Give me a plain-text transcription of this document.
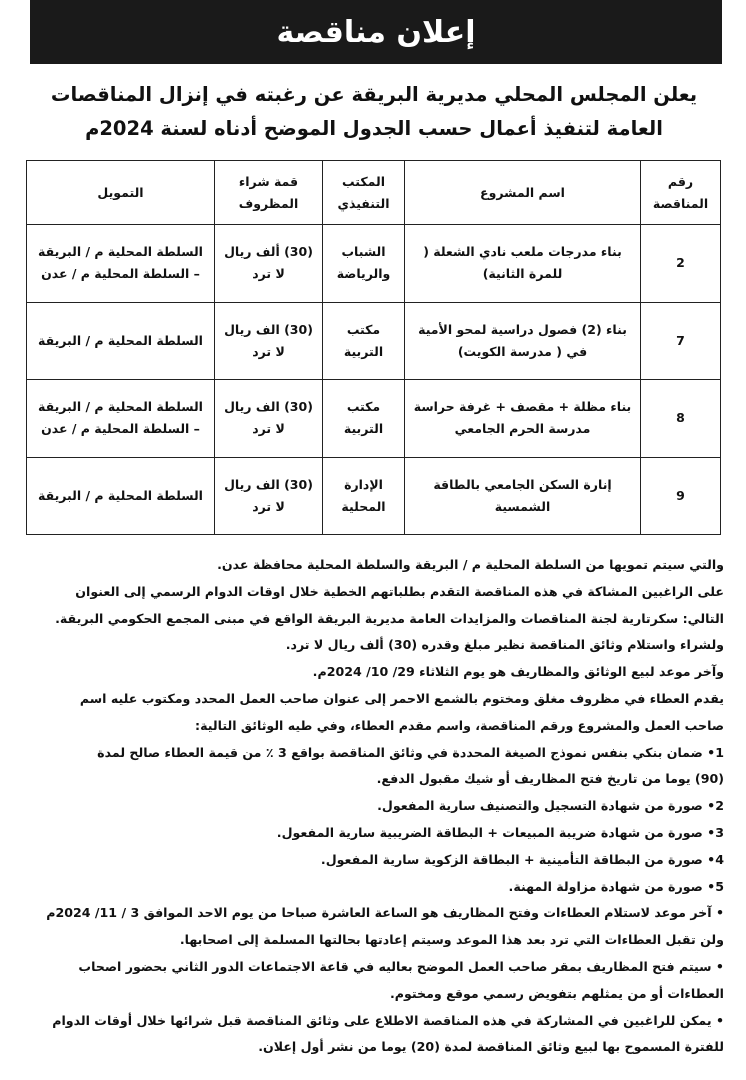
إعلان مناقصة
يعلن المجلس المحلي مديرية البريقة عن رغبته في إنزال المناقصات
العامة لتنفيذ أعمال حسب الجدول الموضح أدناه لسنة 2024م
رقم المناقصة	اسم المشروع	المكتب التنفيذي	قمة شراء المظروف	التمويل
2	بناء مدرجات ملعب نادي الشعلة ( للمرة الثانية)	الشباب والرياضة	(30) ألف ريال لا ترد	السلطة المحلية م / البريقة – السلطة المحلية م / عدن
7	بناء (2) فصول دراسية لمحو الأمية في ( مدرسة الكويت)	مكتب التربية	(30) الف ريال لا ترد	السلطة المحلية م / البريقة
8	بناء مظلة + مقصف + غرفة حراسة مدرسة الحرم الجامعي	مكتب التربية	(30) الف ريال لا ترد	السلطة المحلية م / البريقة – السلطة المحلية م / عدن
9	إنارة السكن الجامعي بالطاقة الشمسية	الإدارة المحلية	(30) الف ريال لا ترد	السلطة المحلية م / البريقة

والتي سيتم تمويها من السلطة المحلية م / البريقة والسلطة المحلية محافظة عدن.

على الراغبين المشاكة في هذه المناقصة التقدم بطلباتهم الخطية خلال اوقات الدوام الرسمي إلى العنوان

التالي: سكرتارية لجنة المناقصات والمزايدات العامة مديرية البريقة الواقع في مبنى المجمع الحكومي البريقة.

ولشراء واستلام وثائق المناقصة نظير مبلغ وقدره (30) ألف ريال لا ترد.

وآخر موعد لبيع الوثائق والمظاريف هو يوم الثلاثاء 29/ 10/ 2024م.

يقدم العطاء في مظروف مغلق ومختوم بالشمع الاحمر إلى عنوان صاحب العمل المحدد ومكتوب عليه اسم

صاحب العمل والمشروع ورقم المناقصة، واسم مقدم العطاء، وفي طيه الوثائق التالية:

1• ضمان بنكي بنفس نموذج الصيغة المحددة في وثائق المناقصة بواقع 3 ٪ من قيمة العطاء صالح لمدة

(90) يوما من تاريخ فتح المظاريف أو شيك مقبول الدفع.

2• صورة من شهادة التسجيل والتصنيف سارية المفعول.

3• صورة من شهادة ضريبة المبيعات + البطاقة الضريبية سارية المفعول.

4• صورة من البطاقة التأمينية + البطاقة الزكوية سارية المفعول.

5• صورة من شهادة مزاولة المهنة.

• آخر موعد لاستلام العطاءات وفتح المظاريف هو الساعة العاشرة صباحا من يوم الاحد الموافق 3 / 11/ 2024م

ولن تقبل العطاءات التي ترد بعد هذا الموعد وسيتم إعادتها بحالتها المسلمة إلى اصحابها.

• سيتم فتح المظاريف بمقر صاحب العمل الموضح بعاليه في قاعة الاجتماعات الدور الثاني بحضور اصحاب

العطاءات أو من يمثلهم بتفويض رسمي موقع ومختوم.

• يمكن للراغبين في المشاركة في هذه المناقصة الاطلاع على وثائق المناقصة قبل شرائها خلال أوقات الدوام

للفترة المسموح بها لبيع وثائق المناقصة لمدة (20) يوما من نشر أول إعلان.
